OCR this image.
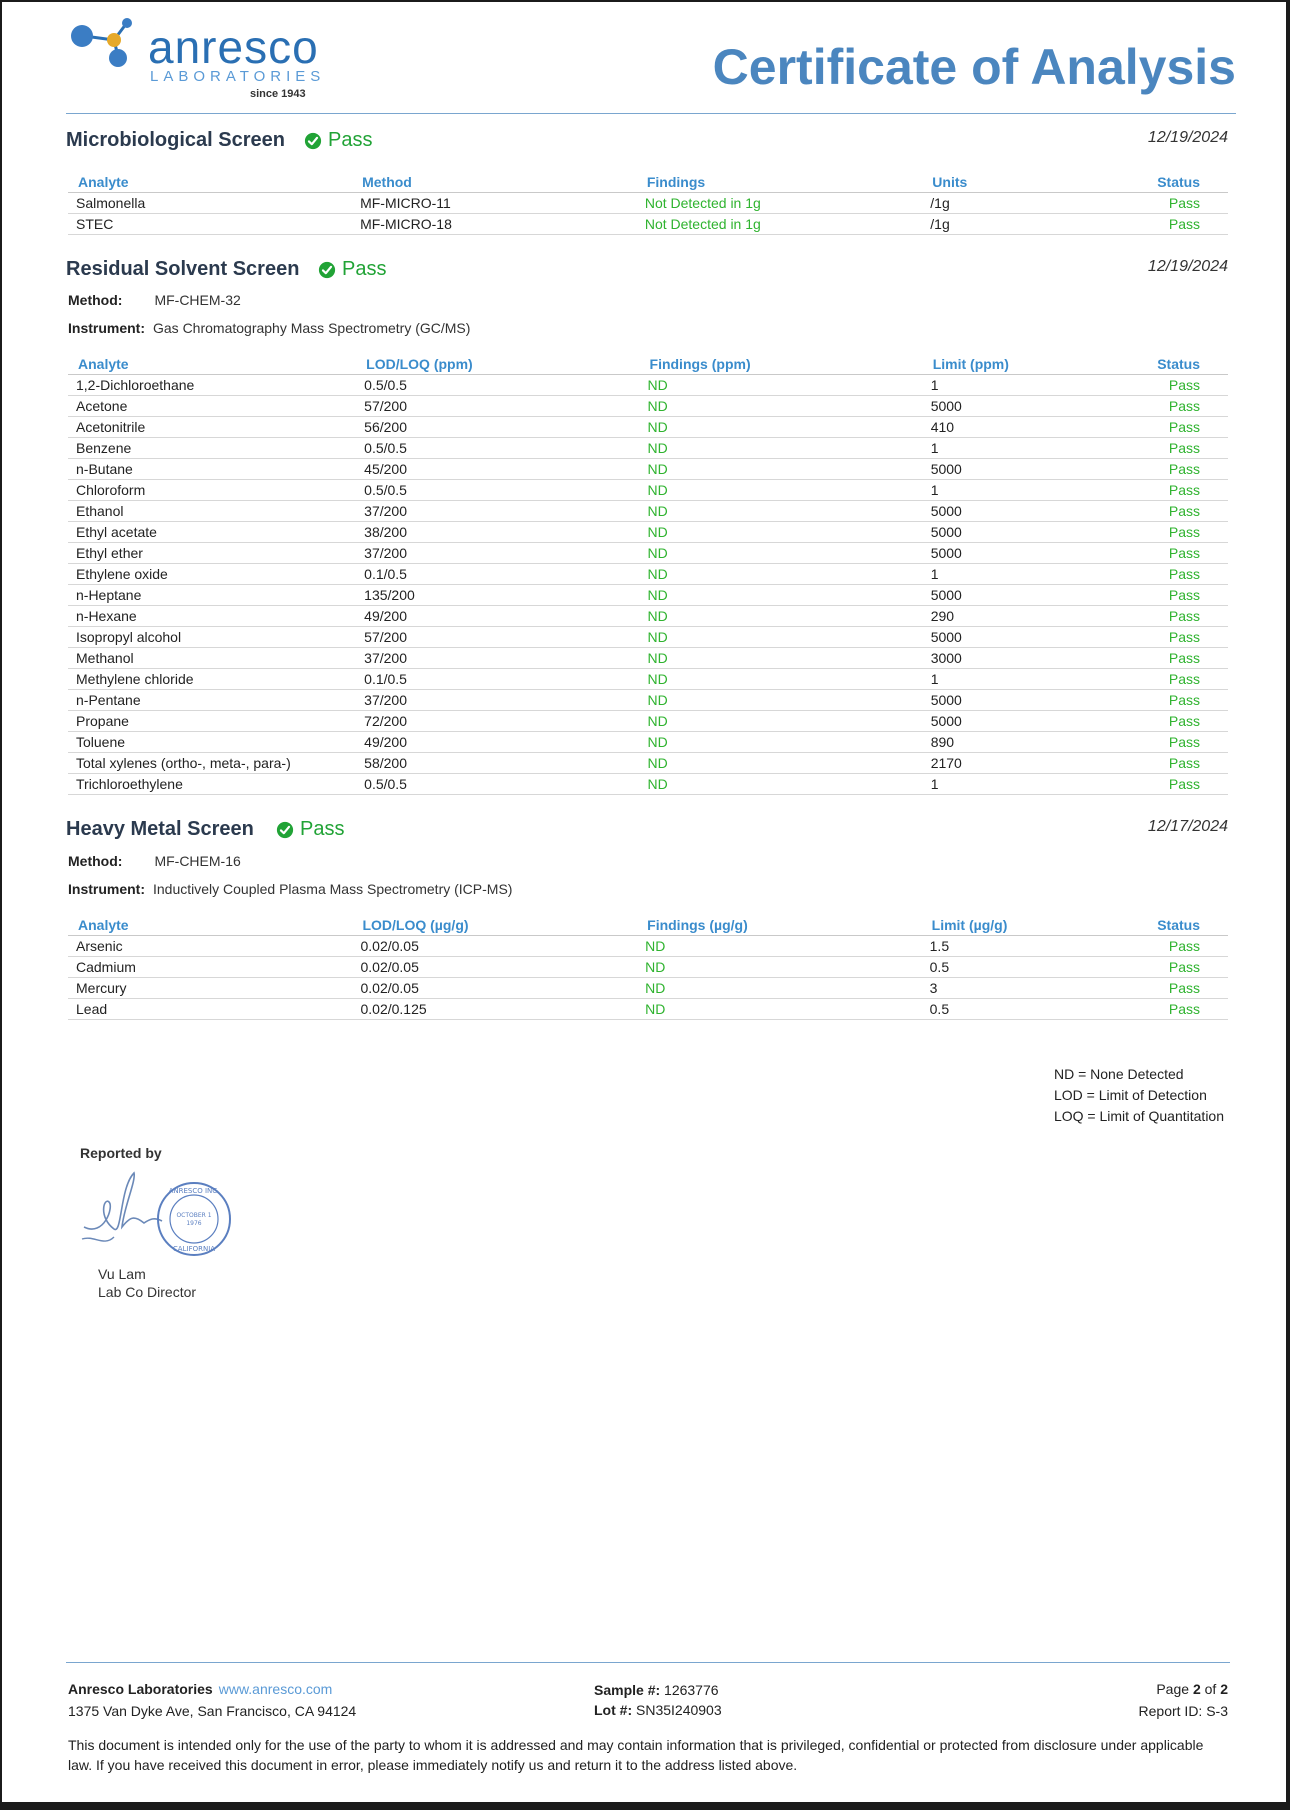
anresco
LABORATORIES
since 1943	Certificate of Analysis
Microbiological Screen Pass	12/19/2024
Analyte	Method	Findings	Units	Status
Salmonella	MF-MICRO-11	Not Detected in 1g	/1g	Pass
STEC	MF-MICRO-18	Not Detected in 1g	/1g	Pass
Residual Solvent Screen Pass	12/19/2024
Method: MF-CHEM-32
Instrument: Gas Chromatography Mass Spectrometry (GC/MS)
Analyte	LOD/LOQ (ppm)	Findings (ppm)	Limit (ppm)	Status
1,2-Dichloroethane	0.5/0.5	ND	1	Pass
Acetone	57/200	ND	5000	Pass
Acetonitrile	56/200	ND	410	Pass
Benzene	0.5/0.5	ND	1	Pass
n-Butane	45/200	ND	5000	Pass
Chloroform	0.5/0.5	ND	1	Pass
Ethanol	37/200	ND	5000	Pass
Ethyl acetate	38/200	ND	5000	Pass
Ethyl ether	37/200	ND	5000	Pass
Ethylene oxide	0.1/0.5	ND	1	Pass
n-Heptane	135/200	ND	5000	Pass
n-Hexane	49/200	ND	290	Pass
Isopropyl alcohol	57/200	ND	5000	Pass
Methanol	37/200	ND	3000	Pass
Methylene chloride	0.1/0.5	ND	1	Pass
n-Pentane	37/200	ND	5000	Pass
Propane	72/200	ND	5000	Pass
Toluene	49/200	ND	890	Pass
Total xylenes (ortho-, meta-, para-)	58/200	ND	2170	Pass
Trichloroethylene	0.5/0.5	ND	1	Pass
Heavy Metal Screen Pass	12/17/2024
Method: MF-CHEM-16
Instrument: Inductively Coupled Plasma Mass Spectrometry (ICP-MS)
Analyte	LOD/LOQ (µg/g)	Findings (µg/g)	Limit (µg/g)	Status
Arsenic	0.02/0.05	ND	1.5	Pass
Cadmium	0.02/0.05	ND	0.5	Pass
Mercury	0.02/0.05	ND	3	Pass
Lead	0.02/0.125	ND	0.5	Pass
ND = None Detected
LOD = Limit of Detection
LOQ = Limit of Quantitation
Reported by
ANRESCO INC.
OCTOBER 1
1976
CALIFORNIA
Vu Lam
Lab Co Director
Anresco Laboratories www.anresco.com
1375 Van Dyke Ave, San Francisco, CA 94124
Sample #: 1263776
Lot #: SN35I240903
Page 2 of 2
Report ID: S-3
This document is intended only for the use of the party to whom it is addressed and may contain information that is privileged, confidential or protected from disclosure under applicable law. If you have received this document in error, please immediately notify us and return it to the address listed above.
